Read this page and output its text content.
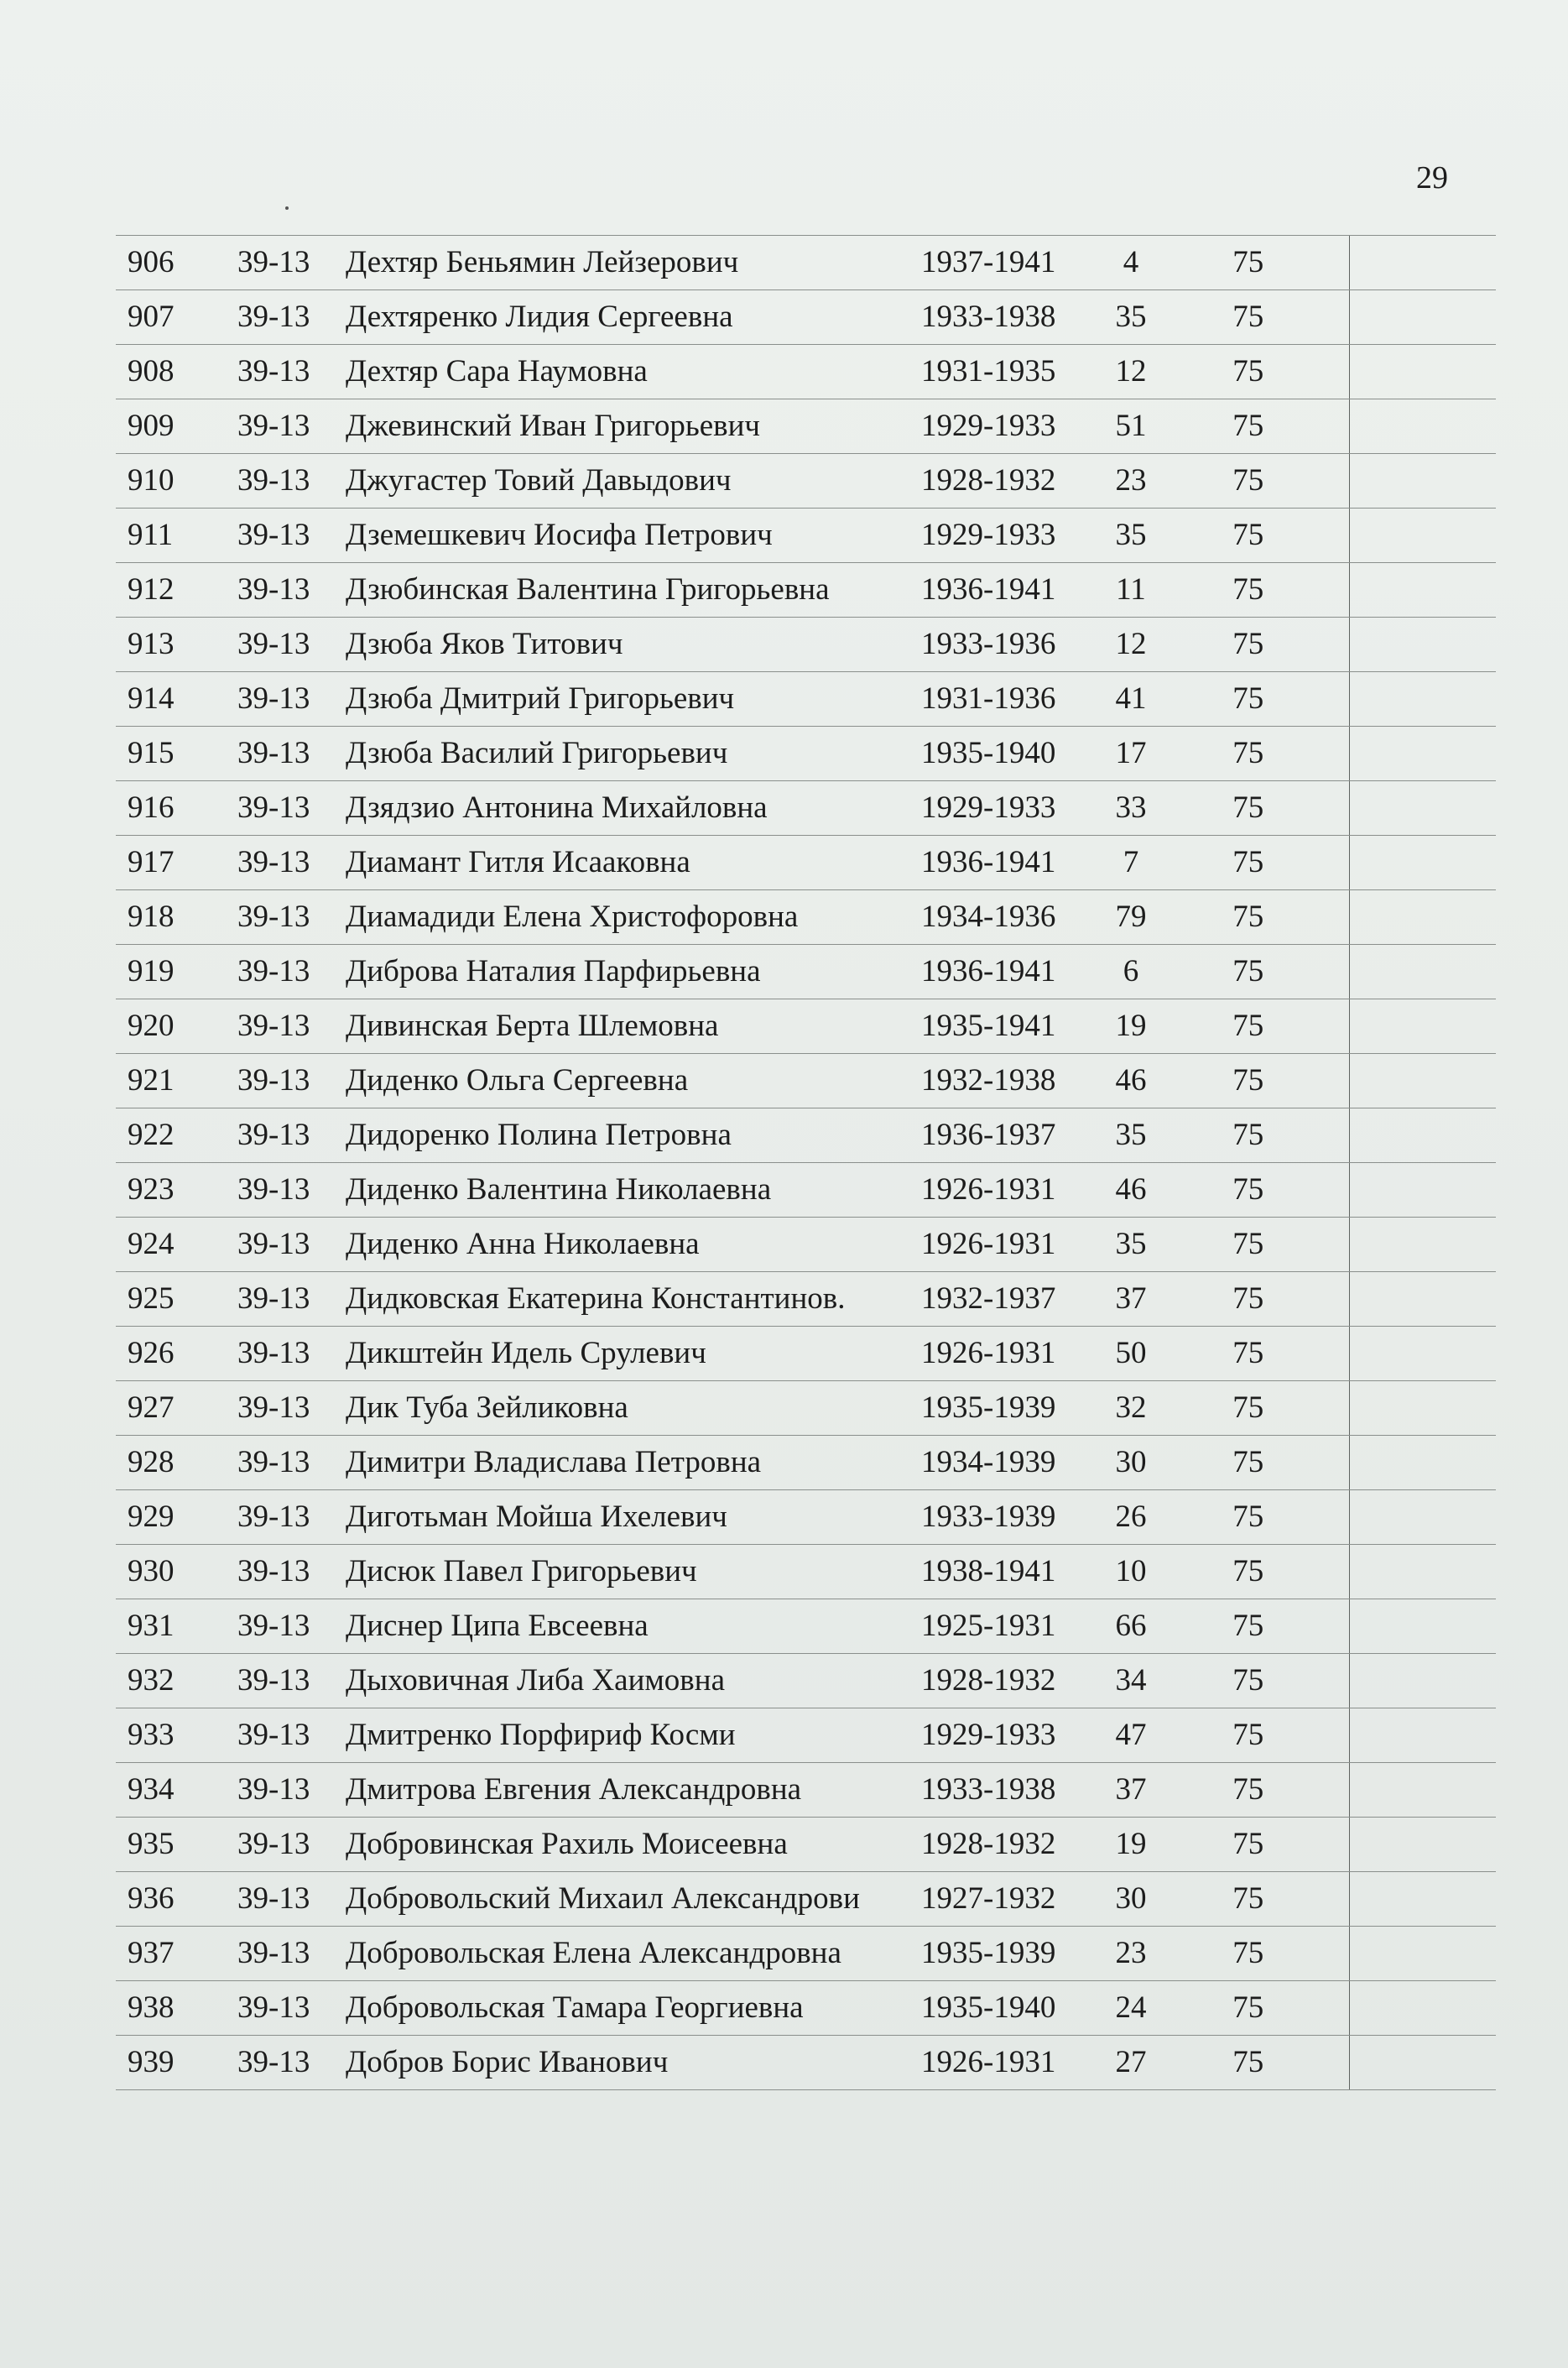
29
906	39-13	Дехтяр Беньямин Лейзерович	1937-1941	4	75	
907	39-13	Дехтяренко Лидия Сергеевна	1933-1938	35	75	
908	39-13	Дехтяр Сара Наумовна	1931-1935	12	75	
909	39-13	Джевинский Иван Григорьевич	1929-1933	51	75	
910	39-13	Джугастер Товий Давыдович	1928-1932	23	75	
911	39-13	Дземешкевич Иосифа Петрович	1929-1933	35	75	
912	39-13	Дзюбинская Валентина Григорьевна	1936-1941	11	75	
913	39-13	Дзюба Яков Титович	1933-1936	12	75	
914	39-13	Дзюба Дмитрий Григорьевич	1931-1936	41	75	
915	39-13	Дзюба Василий Григорьевич	1935-1940	17	75	
916	39-13	Дзядзио Антонина Михайловна	1929-1933	33	75	
917	39-13	Диамант Гитля Исааковна	1936-1941	7	75	
918	39-13	Диамадиди Елена Христофоровна	1934-1936	79	75	
919	39-13	Диброва Наталия Парфирьевна	1936-1941	6	75	
920	39-13	Дивинская Берта Шлемовна	1935-1941	19	75	
921	39-13	Диденко Ольга Сергеевна	1932-1938	46	75	
922	39-13	Дидоренко Полина Петровна	1936-1937	35	75	
923	39-13	Диденко Валентина Николаевна	1926-1931	46	75	
924	39-13	Диденко Анна Николаевна	1926-1931	35	75	
925	39-13	Дидковская Екатерина Константинов.	1932-1937	37	75	
926	39-13	Дикштейн Идель Срулевич	1926-1931	50	75	
927	39-13	Дик Туба Зейликовна	1935-1939	32	75	
928	39-13	Димитри Владислава Петровна	1934-1939	30	75	
929	39-13	Диготьман Мойша Ихелевич	1933-1939	26	75	
930	39-13	Дисюк Павел Григорьевич	1938-1941	10	75	
931	39-13	Диснер Ципа Евсеевна	1925-1931	66	75	
932	39-13	Дыховичная Либа Хаимовна	1928-1932	34	75	
933	39-13	Дмитренко Порфириф Косми	1929-1933	47	75	
934	39-13	Дмитрова Евгения Александровна	1933-1938	37	75	
935	39-13	Добровинская Рахиль Моисеевна	1928-1932	19	75	
936	39-13	Добровольский Михаил Александрови	1927-1932	30	75	
937	39-13	Добровольская Елена Александровна	1935-1939	23	75	
938	39-13	Добровольская Тамара Георгиевна	1935-1940	24	75	
939	39-13	Добров Борис Иванович	1926-1931	27	75	
